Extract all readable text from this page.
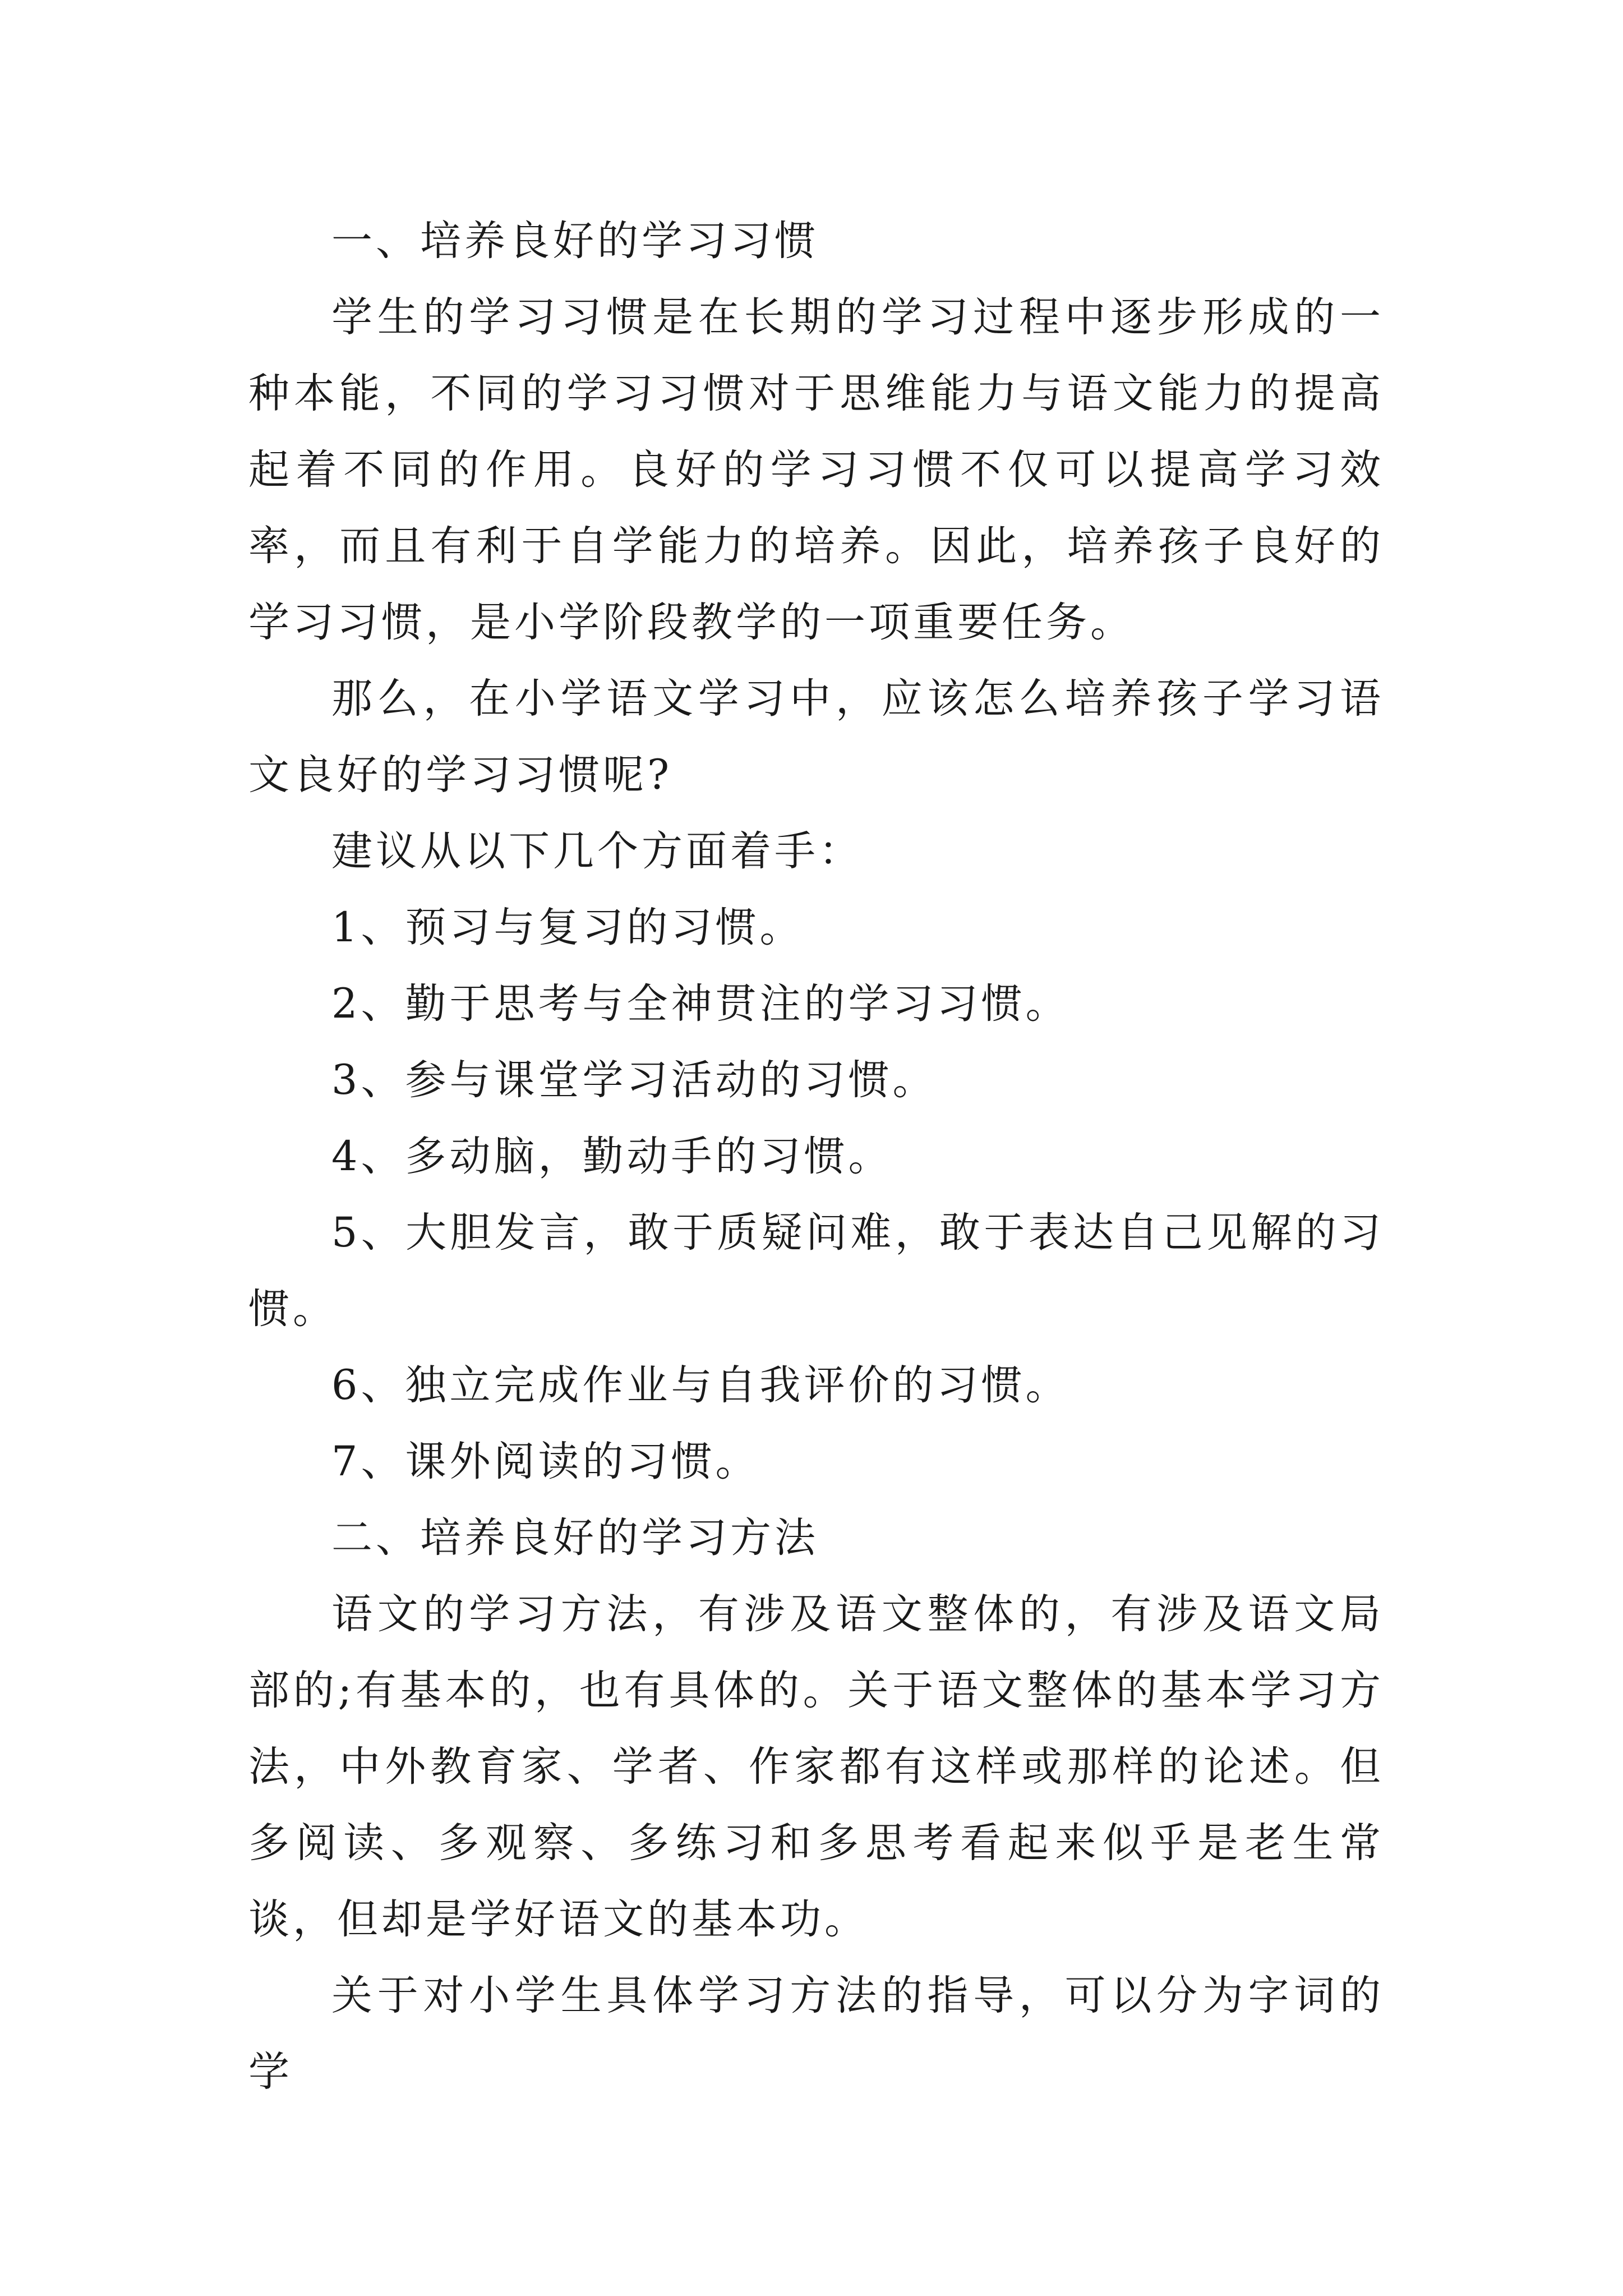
一、培养良好的学习习惯

学生的学习习惯是在长期的学习过程中逐步形成的一种本能，不同的学习习惯对于思维能力与语文能力的提高起着不同的作用。良好的学习习惯不仅可以提高学习效率，而且有利于自学能力的培养。因此，培养孩子良好的学习习惯，是小学阶段教学的一项重要任务。

那么，在小学语文学习中，应该怎么培养孩子学习语文良好的学习习惯呢?

建议从以下几个方面着手：

1、预习与复习的习惯。

2、勤于思考与全神贯注的学习习惯。

3、参与课堂学习活动的习惯。

4、多动脑，勤动手的习惯。

5、大胆发言，敢于质疑问难，敢于表达自己见解的习惯。

6、独立完成作业与自我评价的习惯。

7、课外阅读的习惯。

二、培养良好的学习方法

语文的学习方法，有涉及语文整体的，有涉及语文局部的;有基本的，也有具体的。关于语文整体的基本学习方法，中外教育家、学者、作家都有这样或那样的论述。但多阅读、多观察、多练习和多思考看起来似乎是老生常谈，但却是学好语文的基本功。

关于对小学生具体学习方法的指导，可以分为字词的学
